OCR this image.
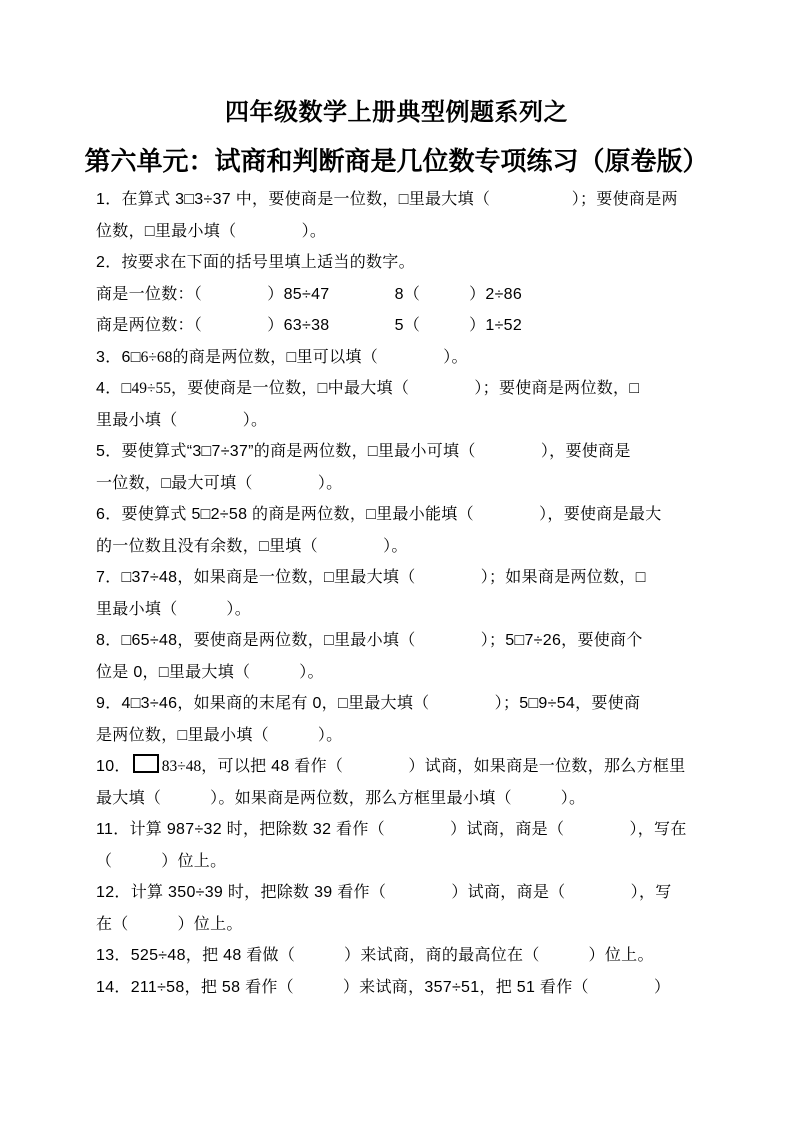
四年级数学上册典型例题系列之
第六单元：试商和判断商是几位数专项练习（原卷版）
1．在算式 3□3÷37 中，要使商是一位数，□里最大填（　　　　　）；要使商是两
位数，□里最小填（　　　　）。
2．按要求在下面的括号里填上适当的数字。
商是一位数：（　　　　）85÷47　　　　8（　　　）2÷86
商是两位数：（　　　　）63÷38　　　　5（　　　）1÷52
3．6□6÷68的商是两位数，□里可以填（　　　　）。
4．□49÷55，要使商是一位数，□中最大填（　　　　）；要使商是两位数，□
里最小填（　　　　）。
5．要使算式“3□7÷37”的商是两位数，□里最小可填（　　　　），要使商是
一位数，□最大可填（　　　　）。
6．要使算式 5□2÷58 的商是两位数，□里最小能填（　　　　），要使商是最大
的一位数且没有余数，□里填（　　　　）。
7．□37÷48，如果商是一位数，□里最大填（　　　　）；如果商是两位数，□
里最小填（　　　）。
8．□65÷48，要使商是两位数，□里最小填（　　　　）；5□7÷26，要使商个
位是 0，□里最大填（　　　）。
9．4□3÷46，如果商的末尾有 0，□里最大填（　　　　）；5□9÷54，要使商
是两位数，□里最小填（　　　）。
10． 83÷48，可以把 48 看作（　　　　）试商，如果商是一位数，那么方框里
最大填（　　　）。如果商是两位数，那么方框里最小填（　　　）。
11．计算 987÷32 时，把除数 32 看作（　　　　）试商，商是（　　　　），写在
（　　　）位上。
12．计算 350÷39 时，把除数 39 看作（　　　　）试商，商是（　　　　），写
在（　　　）位上。
13．525÷48，把 48 看做（　　　）来试商，商的最高位在（　　　）位上。
14．211÷58，把 58 看作（　　　）来试商，357÷51，把 51 看作（　　　　）
